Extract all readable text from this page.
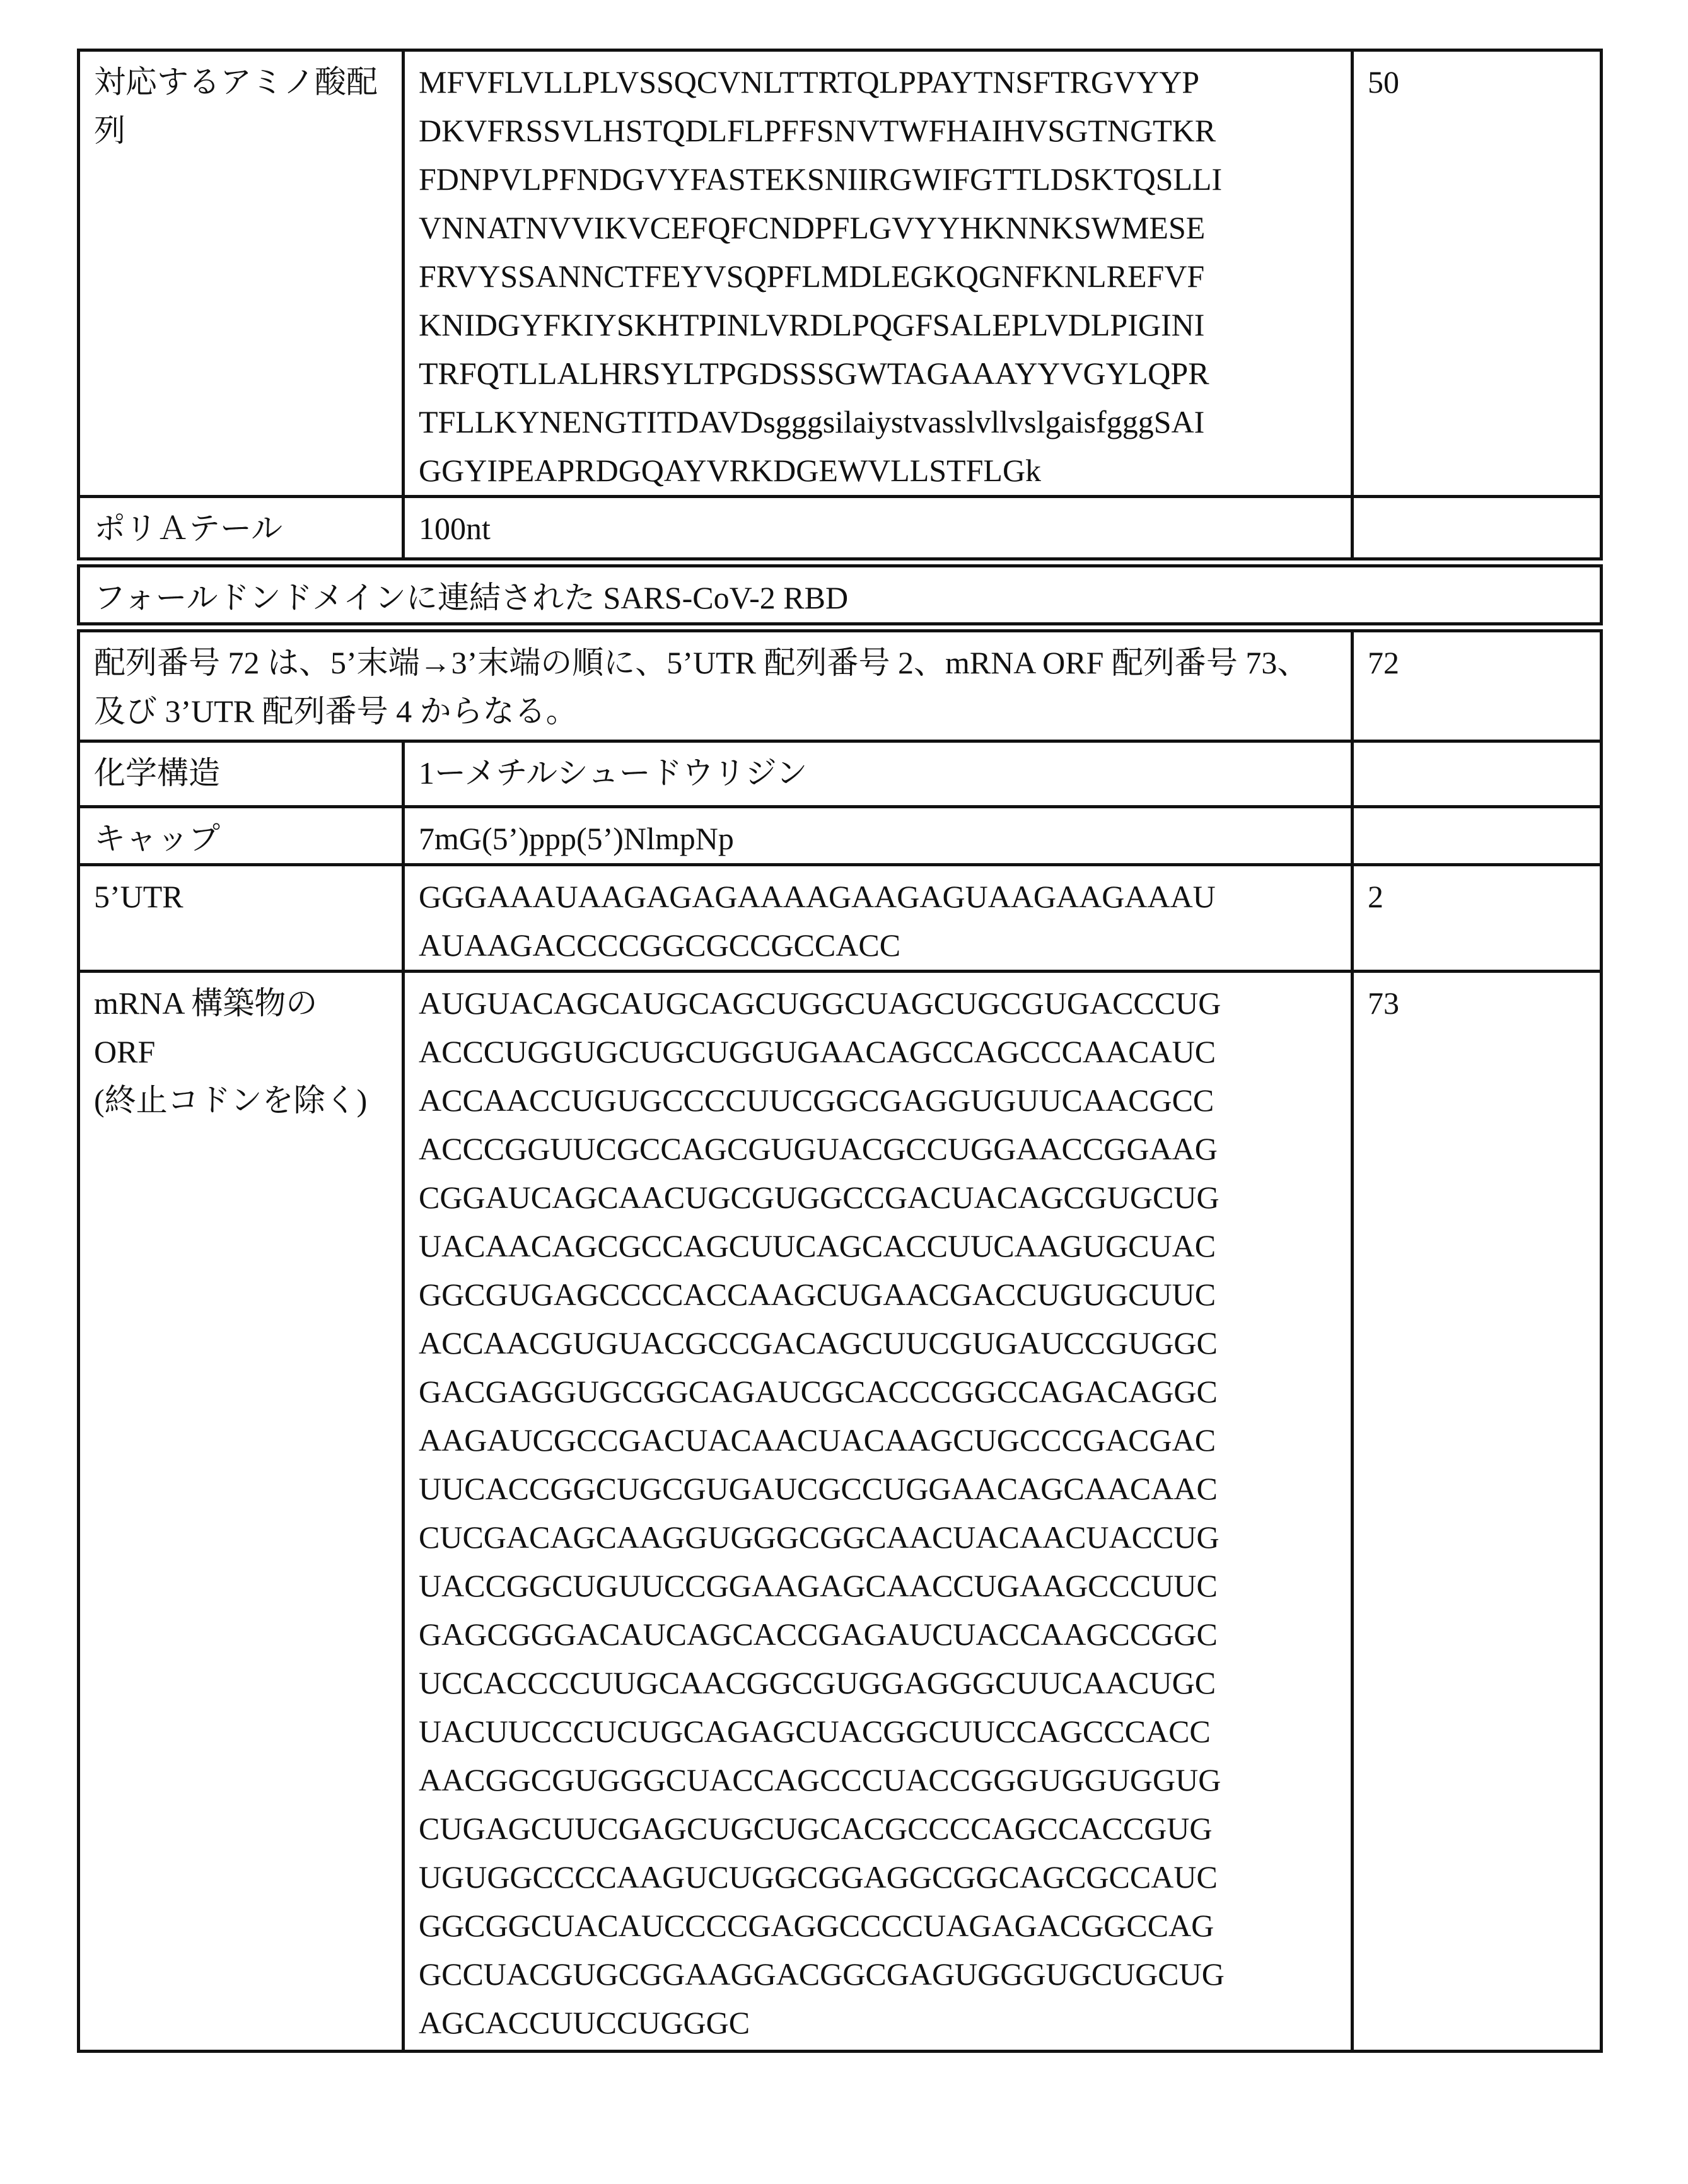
対応するアミノ酸配列	MFVFLVLLPLVSSQCVNLTTRTQLPPAYTNSFTRGVYYP
DKVFRSSVLHSTQDLFLPFFSNVTWFHAIHVSGTNGTKR
FDNPVLPFNDGVYFASTEKSNIIRGWIFGTTLDSKTQSLLI
VNNATNVVIKVCEFQFCNDPFLGVYYHKNNKSWMESE
FRVYSSANNCTFEYVSQPFLMDLEGKQGNFKNLREFVF
KNIDGYFKIYSKHTPINLVRDLPQGFSALEPLVDLPIGINI
TRFQTLLALHRSYLTPGDSSSGWTAGAAAYYVGYLQPR
TFLLKYNENGTITDAVDsgggsilaiystvasslvllvslgaisfgggSAI
GGYIPEAPRDGQAYVRKDGEWVLLSTFLGk	50
ポリＡテール	100nt	

フォールドンドメインに連結された SARS-CoV-2 RBD

配列番号 72 は、5’末端→3’末端の順に、5’UTR 配列番号 2、mRNA ORF 配列番号 73、及び 3’UTR 配列番号 4 からなる。	72
化学構造	1ーメチルシュードウリジン	
キャップ	7mG(5’)ppp(5’)NlmpNp	
5’UTR	GGGAAAUAAGAGAGAAAAGAAGAGUAAGAAGAAAU
AUAAGACCCCGGCGCCGCCACC	2
mRNA 構築物の
ORF
(終止コドンを除く)	AUGUACAGCAUGCAGCUGGCUAGCUGCGUGACCCUG
ACCCUGGUGCUGCUGGUGAACAGCCAGCCCAACAUC
ACCAACCUGUGCCCCUUCGGCGAGGUGUUCAACGCC
ACCCGGUUCGCCAGCGUGUACGCCUGGAACCGGAAG
CGGAUCAGCAACUGCGUGGCCGACUACAGCGUGCUG
UACAACAGCGCCAGCUUCAGCACCUUCAAGUGCUAC
GGCGUGAGCCCCACCAAGCUGAACGACCUGUGCUUC
ACCAACGUGUACGCCGACAGCUUCGUGAUCCGUGGC
GACGAGGUGCGGCAGAUCGCACCCGGCCAGACAGGC
AAGAUCGCCGACUACAACUACAAGCUGCCCGACGAC
UUCACCGGCUGCGUGAUCGCCUGGAACAGCAACAAC
CUCGACAGCAAGGUGGGCGGCAACUACAACUACCUG
UACCGGCUGUUCCGGAAGAGCAACCUGAAGCCCUUC
GAGCGGGACAUCAGCACCGAGAUCUACCAAGCCGGC
UCCACCCCUUGCAACGGCGUGGAGGGCUUCAACUGC
UACUUCCCUCUGCAGAGCUACGGCUUCCAGCCCACC
AACGGCGUGGGCUACCAGCCCUACCGGGUGGUGGUG
CUGAGCUUCGAGCUGCUGCACGCCCCAGCCACCGUG
UGUGGCCCCAAGUCUGGCGGAGGCGGCAGCGCCAUC
GGCGGCUACAUCCCCGAGGCCCCUAGAGACGGCCAG
GCCUACGUGCGGAAGGACGGCGAGUGGGUGCUGCUG
AGCACCUUCCUGGGC	73
